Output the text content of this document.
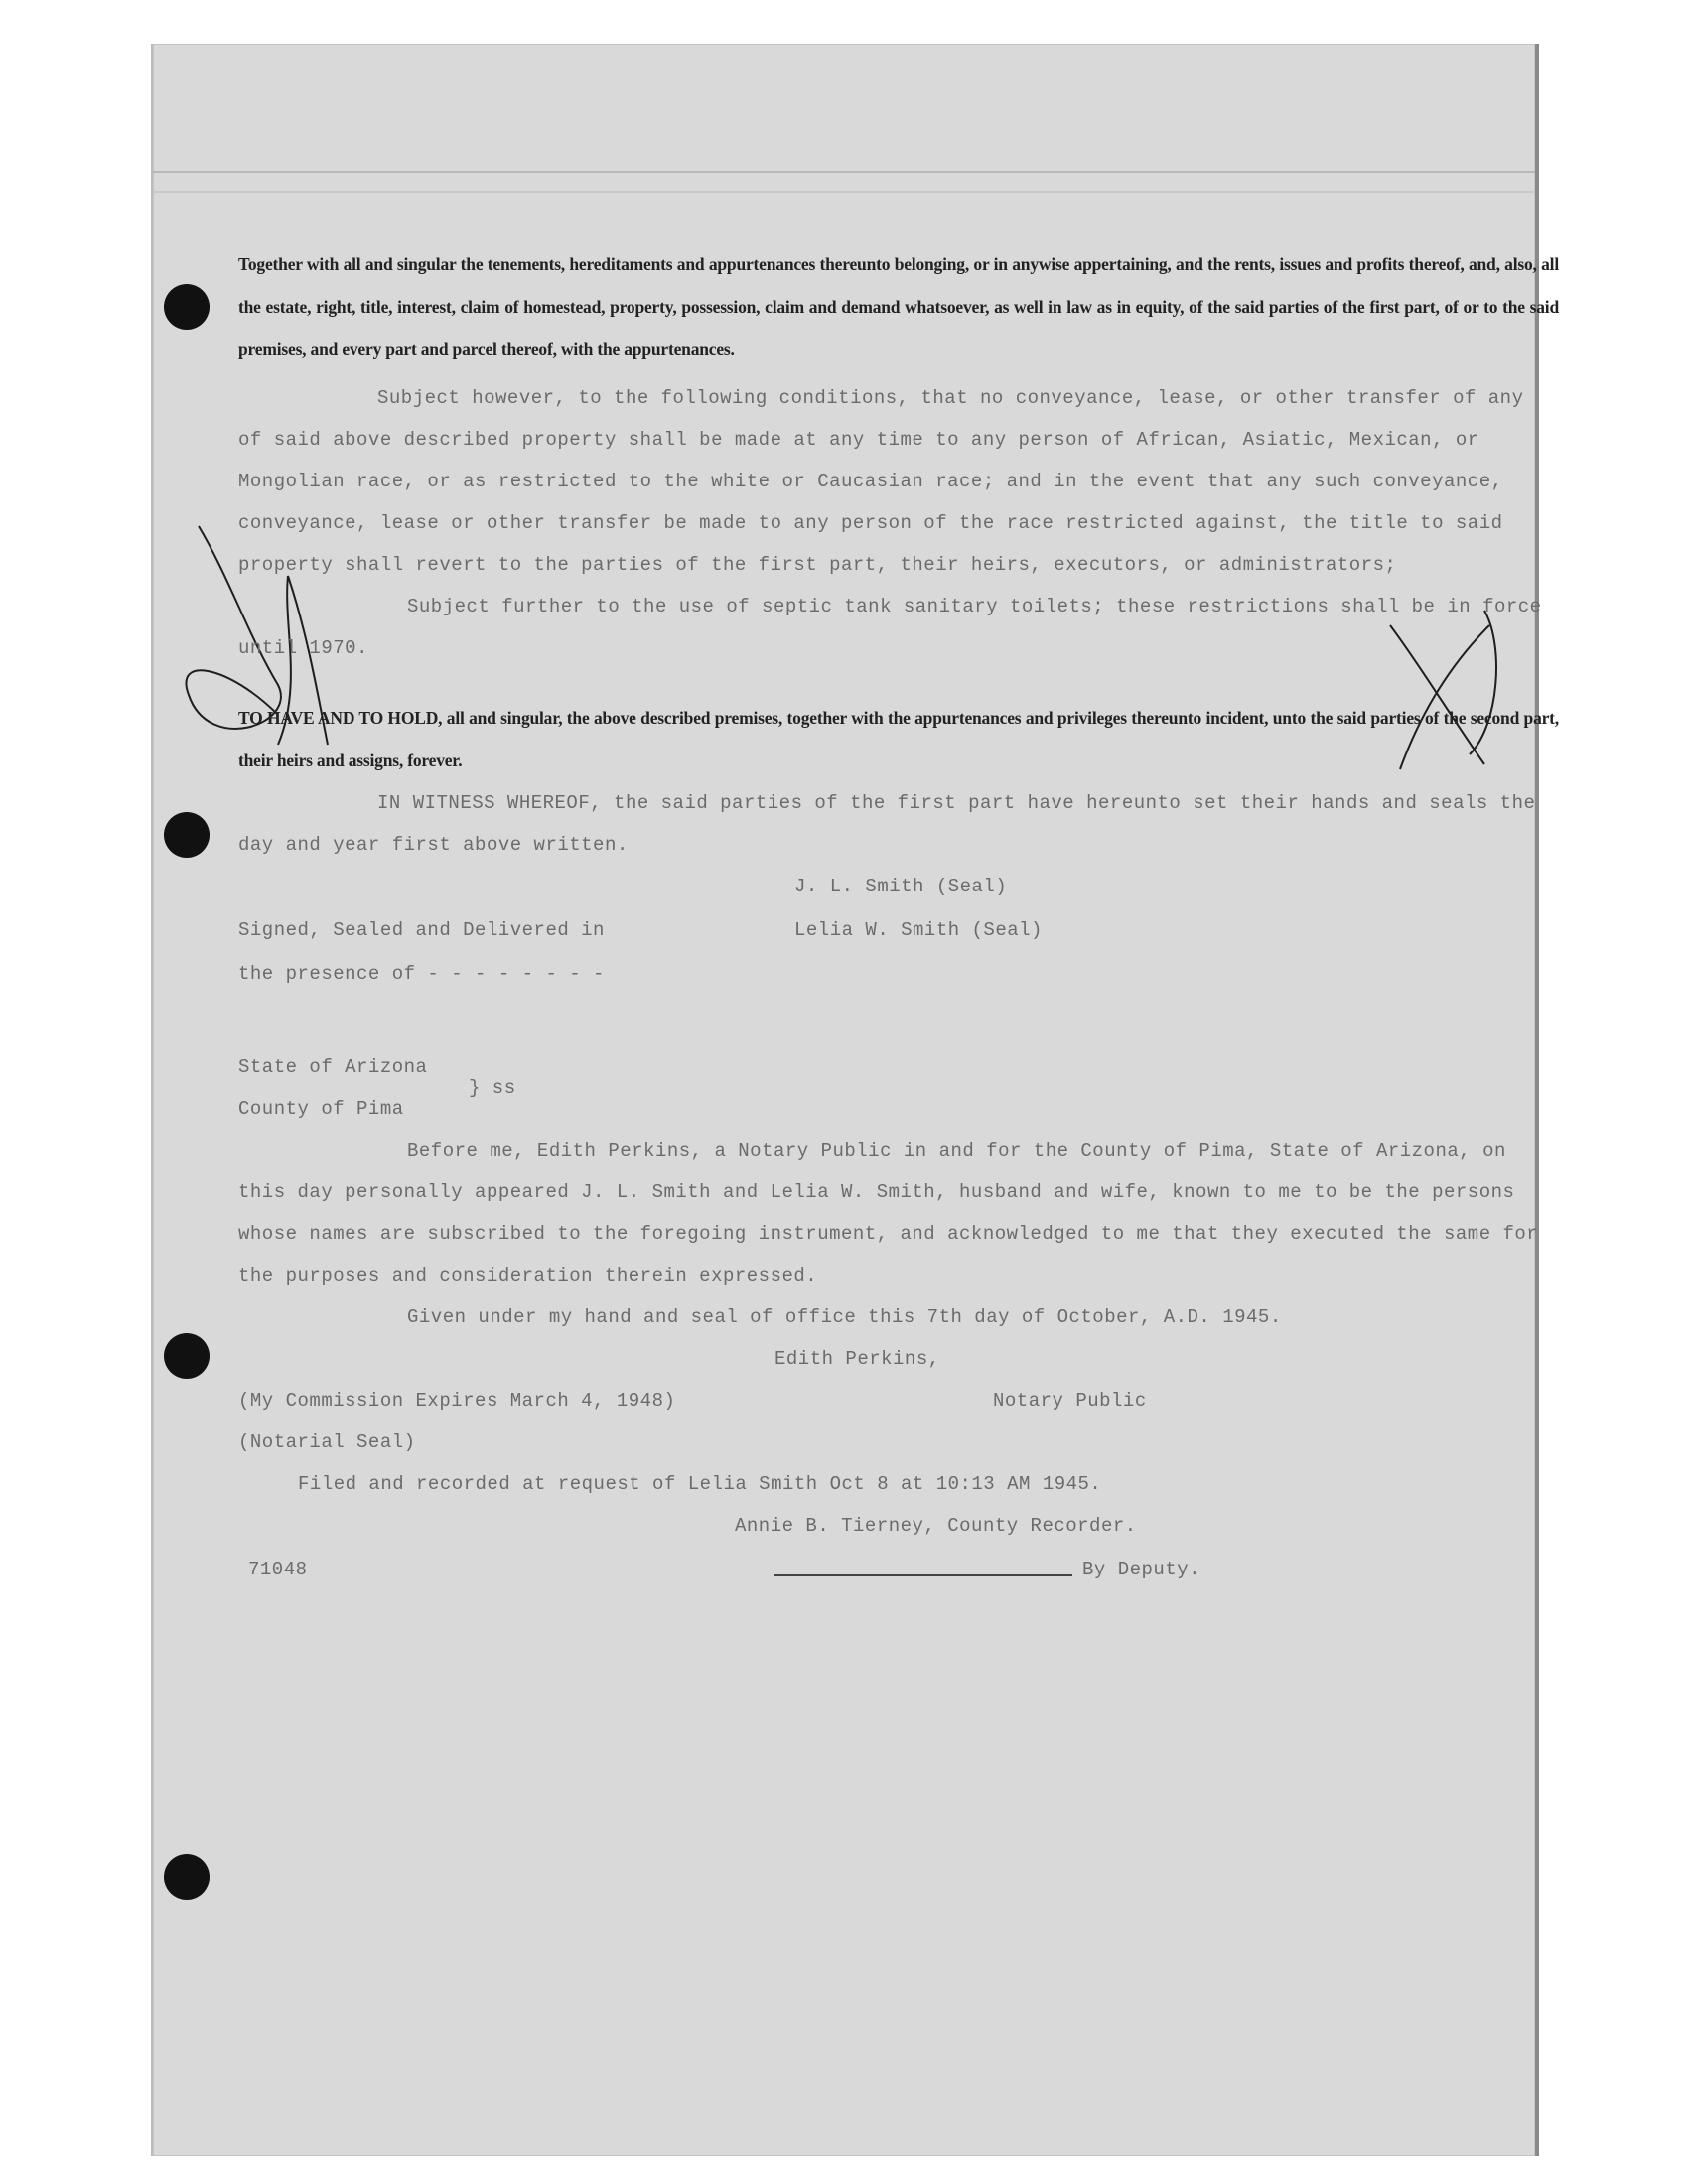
Together with all and singular the tenements, hereditaments and appurtenances thereunto belonging, or in anywise appertaining, and the rents, issues and profits thereof, and, also, all the estate, right, title, interest, claim of homestead, property, possession, claim and demand whatsoever, as well in law as in equity, of the said parties of the first part, of or to the said premises, and every part and parcel thereof, with the appurtenances.

Subject however, to the following conditions, that no conveyance, lease, or other transfer of any of said above described property shall be made at any time to any person of African, Asiatic, Mexican, or Mongolian race, or as restricted to the white or Caucasian race; and in the event that any such conveyance, conveyance, lease or other transfer be made to any person of the race restricted against, the title to said property shall revert to the parties of the first part, their heirs, executors, or administrators;

Subject further to the use of septic tank sanitary toilets; these restrictions shall be in force until 1970.

TO HAVE AND TO HOLD, all and singular, the above described premises, together with the appurtenances and privileges thereunto incident, unto the said parties of the second part, their heirs and assigns, forever.

IN WITNESS WHEREOF, the said parties of the first part have hereunto set their hands and seals the day and year first above written.

J. L. Smith (Seal)
Signed, Sealed and Delivered in	Lelia W. Smith (Seal)
the presence of - - - - - - - -
State of Arizona
} ss
County of Pima

Before me, Edith Perkins, a Notary Public in and for the County of Pima, State of Arizona, on this day personally appeared J. L. Smith and Lelia W. Smith, husband and wife, known to me to be the persons whose names are subscribed to the foregoing instrument, and acknowledged to me that they executed the same for the purposes and consideration therein expressed.

Given under my hand and seal of office this 7th day of October, A.D. 1945.

Edith Perkins,
(My Commission Expires March 4, 1948)	Notary Public
(Notarial Seal)
Filed and recorded at request of Lelia Smith Oct 8 at 10:13 AM 1945.
Annie B. Tierney, County Recorder.
71048	By Deputy.
